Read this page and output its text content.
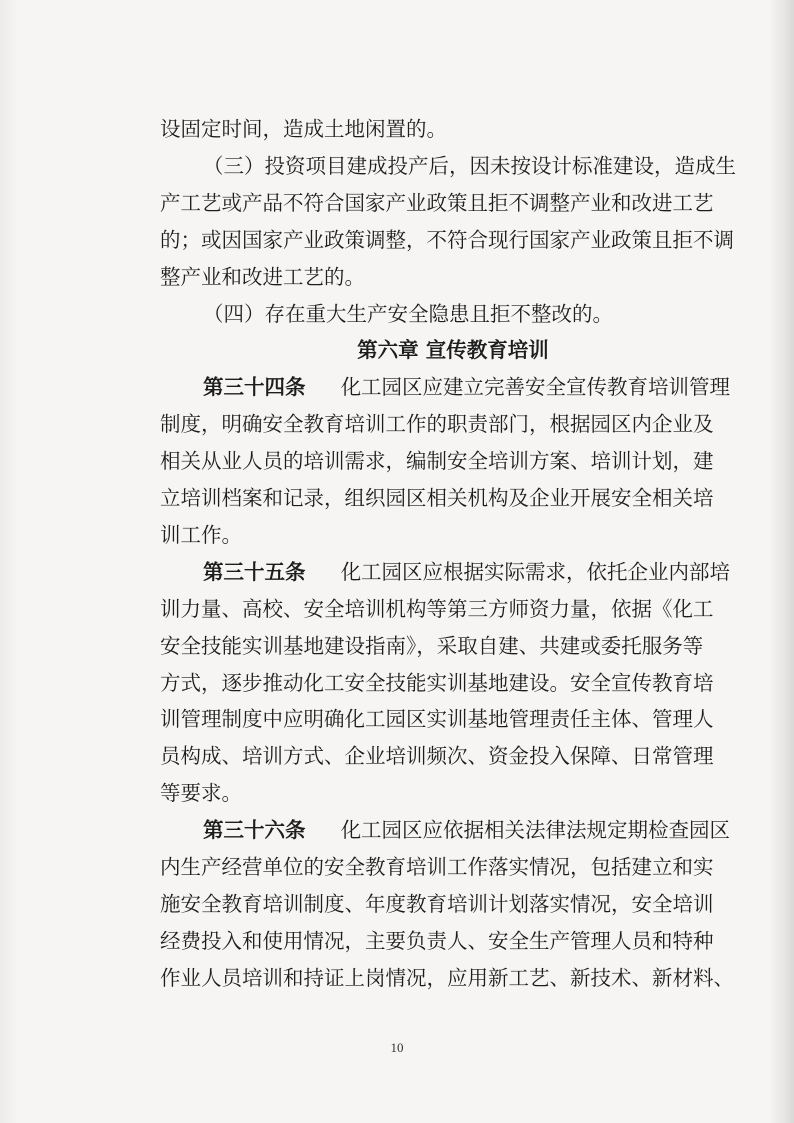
设固定时间，造成土地闲置的。
（三）投资项目建成投产后，因未按设计标准建设，造成生
产工艺或产品不符合国家产业政策且拒不调整产业和改进工艺
的；或因国家产业政策调整，不符合现行国家产业政策且拒不调
整产业和改进工艺的。
（四）存在重大生产安全隐患且拒不整改的。
第六章 宣传教育培训
第三十四条 化工园区应建立完善安全宣传教育培训管理
制度，明确安全教育培训工作的职责部门，根据园区内企业及
相关从业人员的培训需求，编制安全培训方案、培训计划，建
立培训档案和记录，组织园区相关机构及企业开展安全相关培
训工作。
第三十五条 化工园区应根据实际需求，依托企业内部培
训力量、高校、安全培训机构等第三方师资力量，依据《化工
安全技能实训基地建设指南》，采取自建、共建或委托服务等
方式，逐步推动化工安全技能实训基地建设。安全宣传教育培
训管理制度中应明确化工园区实训基地管理责任主体、管理人
员构成、培训方式、企业培训频次、资金投入保障、日常管理
等要求。
第三十六条 化工园区应依据相关法律法规定期检查园区
内生产经营单位的安全教育培训工作落实情况，包括建立和实
施安全教育培训制度、年度教育培训计划落实情况，安全培训
经费投入和使用情况，主要负责人、安全生产管理人员和特种
作业人员培训和持证上岗情况，应用新工艺、新技术、新材料、
10
